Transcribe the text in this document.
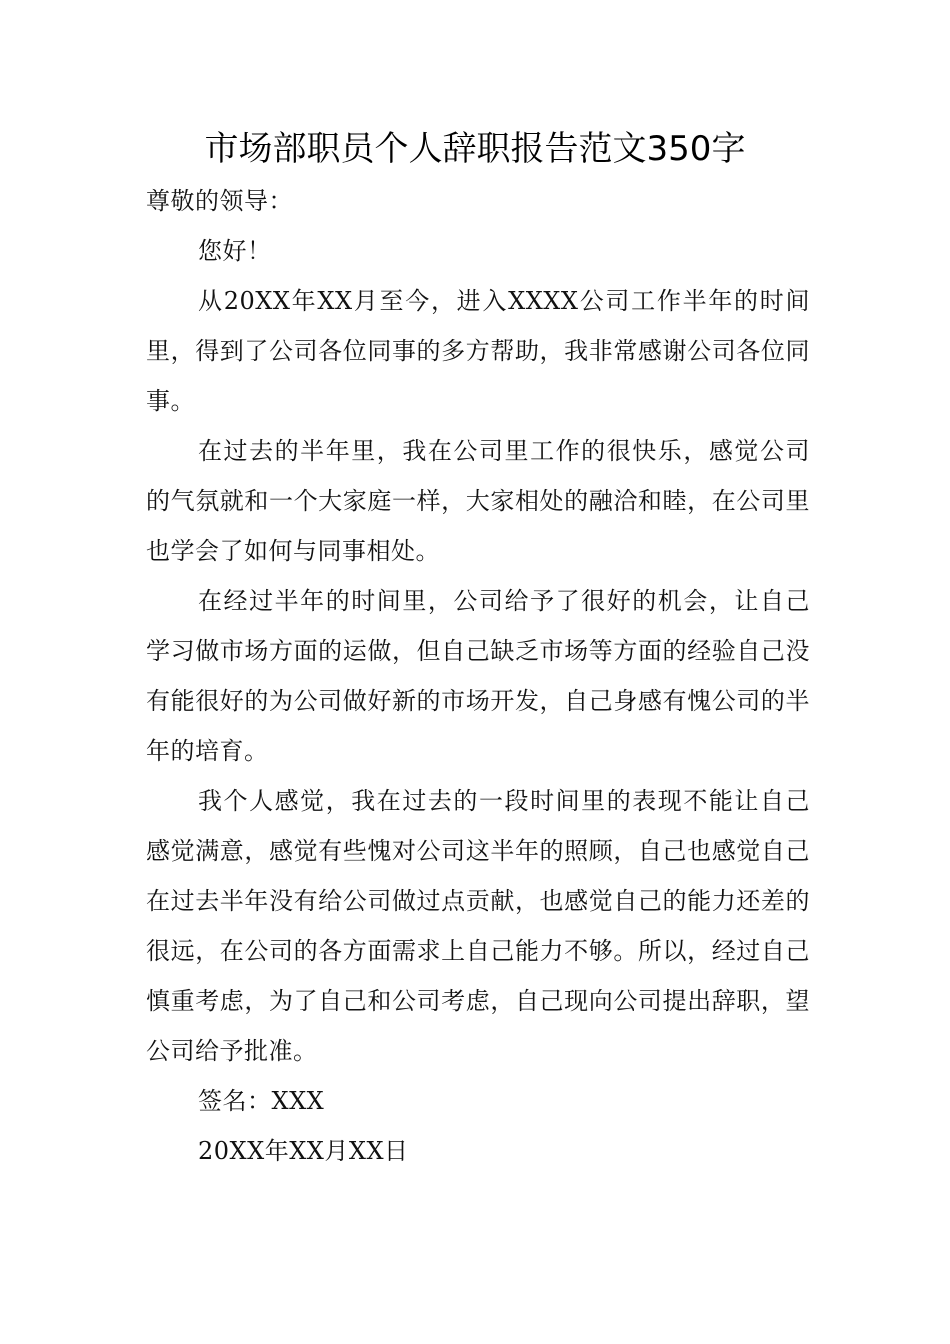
市场部职员个人辞职报告范文350字

尊敬的领导：

您好！

从20XX年XX月至今，进入XXXX公司工作半年的时间里，得到了公司各位同事的多方帮助，我非常感谢公司各位同事。

在过去的半年里，我在公司里工作的很快乐，感觉公司的气氛就和一个大家庭一样，大家相处的融洽和睦，在公司里也学会了如何与同事相处。

在经过半年的时间里，公司给予了很好的机会，让自己学习做市场方面的运做，但自己缺乏市场等方面的经验自己没有能很好的为公司做好新的市场开发，自己身感有愧公司的半年的培育。

我个人感觉，我在过去的一段时间里的表现不能让自己感觉满意，感觉有些愧对公司这半年的照顾，自己也感觉自己在过去半年没有给公司做过点贡献，也感觉自己的能力还差的很远，在公司的各方面需求上自己能力不够。所以，经过自己慎重考虑，为了自己和公司考虑，自己现向公司提出辞职，望公司给予批准。

签名：XXX

20XX年XX月XX日
